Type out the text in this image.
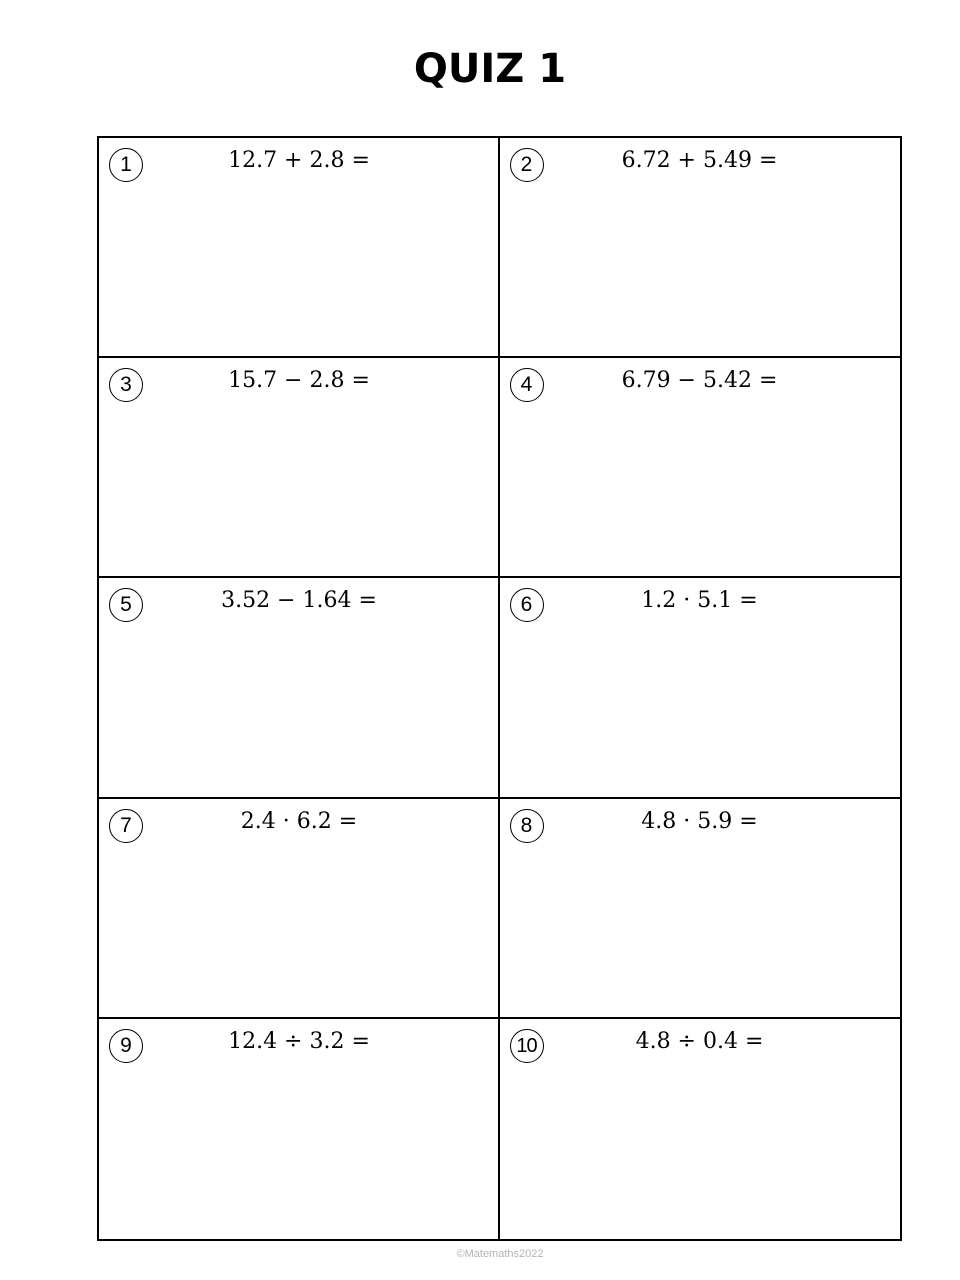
QUIZ 1
1	12.7 + 2.8 =	2	6.72 + 5.49 =
3	15.7 − 2.8 =	4	6.79 − 5.42 =
5	3.52 − 1.64 =	6	1.2 · 5.1 =
7	2.4 · 6.2 =	8	4.8 · 5.9 =
9	12.4 ÷ 3.2 =	10	4.8 ÷ 0.4 =
©Matemaths2022
